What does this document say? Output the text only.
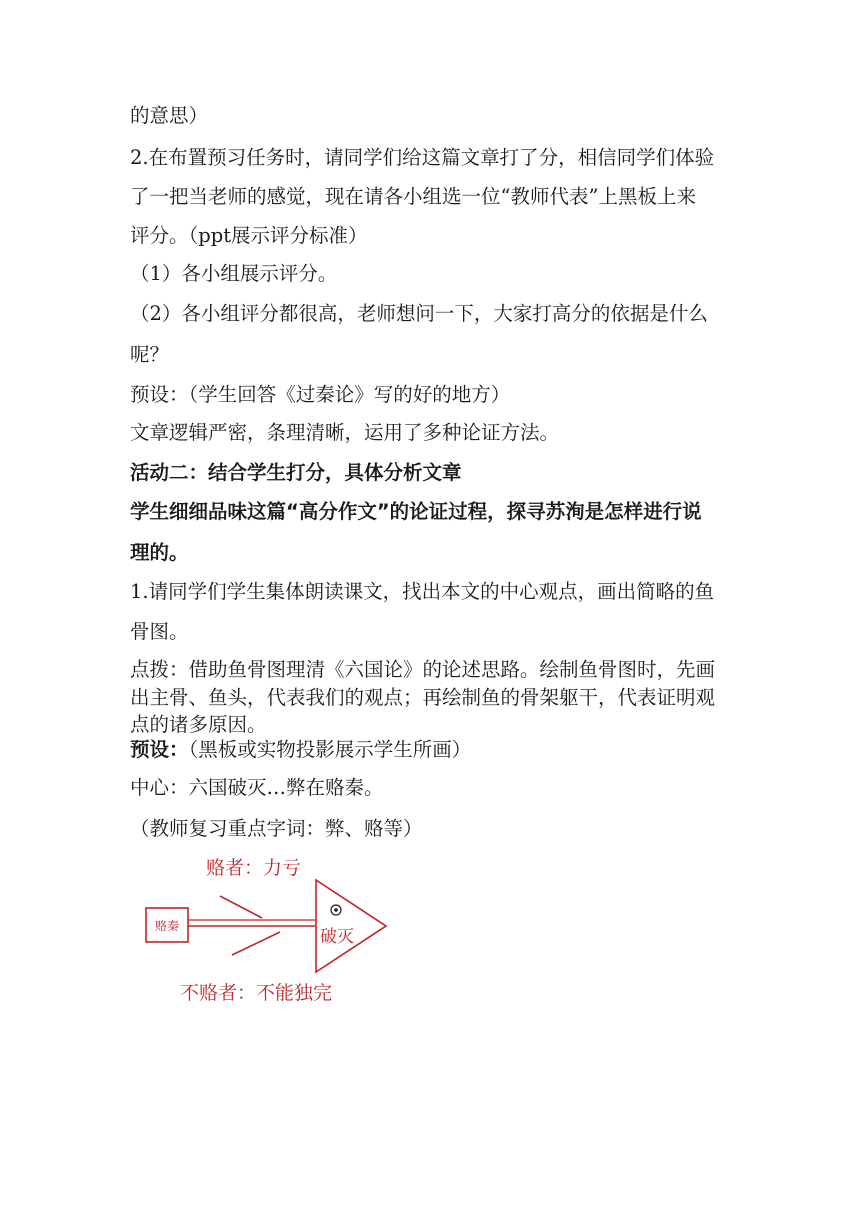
的意思）
2.在布置预习任务时，请同学们给这篇文章打了分，相信同学们体验
了一把当老师的感觉，现在请各小组选一位“教师代表”上黑板上来
评分。（ppt展示评分标准）
（1）各小组展示评分。
（2）各小组评分都很高，老师想问一下，大家打高分的依据是什么
呢？
预设：（学生回答《过秦论》写的好的地方）
文章逻辑严密，条理清晰，运用了多种论证方法。
活动二：结合学生打分，具体分析文章
学生细细品味这篇“高分作文”的论证过程，探寻苏洵是怎样进行说
理的。
1.请同学们学生集体朗读课文，找出本文的中心观点，画出简略的鱼
骨图。
点拨：借助鱼骨图理清《六国论》的论述思路。绘制鱼骨图时，先画
出主骨、鱼头，代表我们的观点；再绘制鱼的骨架躯干，代表证明观
点的诸多原因。
预设：（黑板或实物投影展示学生所画）
中心：六国破灭…弊在赂秦。
（教师复习重点字词：弊、赂等）
赂秦
破灭
赂者：力亏
不赂者：不能独完
